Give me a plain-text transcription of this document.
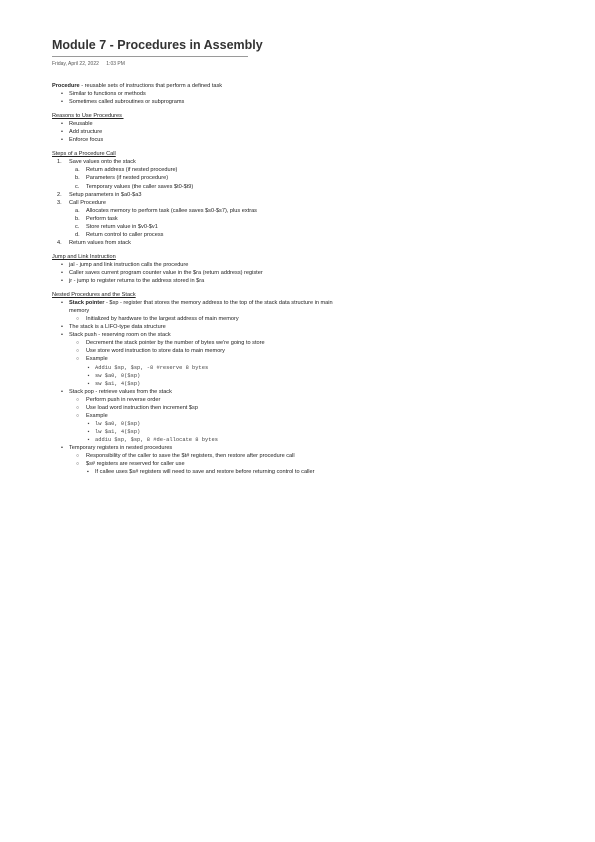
Module 7 - Procedures in Assembly
Friday, April 22, 2022 1:03 PM
Procedure - reusable sets of instructions that perform a defined task
• Similar to functions or methods
• Sometimes called subroutines or subprograms
Reasons to Use Procedures
• Reusable
• Add structure
• Enforce focus
Steps of a Procedure Call
1. Save values onto the stack
a. Return address (if nested procedure)
b. Parameters (if nested procedure)
c. Temporary values (the caller saves $t0-$t9)
2. Setup parameters in $a0-$a3
3. Call Procedure
a. Allocates memory to perform task (callee saves $s0-$s7), plus extras
b. Perform task
c. Store return value in $v0-$v1
d. Return control to caller process
4. Return values from stack
Jump and Link Instruction
• jal - jump and link instruction calls the procedure
• Caller saves current program counter value in the $ra (return address) register
• jr - jump to register returns to the address stored in $ra
Nested Procedures and the Stack
• Stack pointer - $sp - register that stores the memory address to the top of the stack data structure in main memory
○ Initialized by hardware to the largest address of main memory
• The stack is a LIFO-type data structure
• Stack push - reserving room on the stack
○ Decrement the stack pointer by the number of bytes we're going to store
○ Use store word instruction to store data to main memory
○ Example
▪ Addiu $sp, $sp, -8 #reserve 8 bytes
▪ sw $a0, 0($sp)
▪ sw $a1, 4($sp)
• Stack pop - retrieve values from the stack
○ Perform push in reverse order
○ Use load word instruction then increment $sp
○ Example
▪ lw $a0, 0($sp)
▪ lw $a1, 4($sp)
▪ addiu $sp, $sp, 8 #de-allocate 8 bytes
• Temporary registers in nested procedures
○ Responsibility of the caller to save the $t# registers, then restore after procedure call
○ $s# registers are reserved for caller use
▪ If callee uses $s# registers will need to save and restore before returning control to caller
